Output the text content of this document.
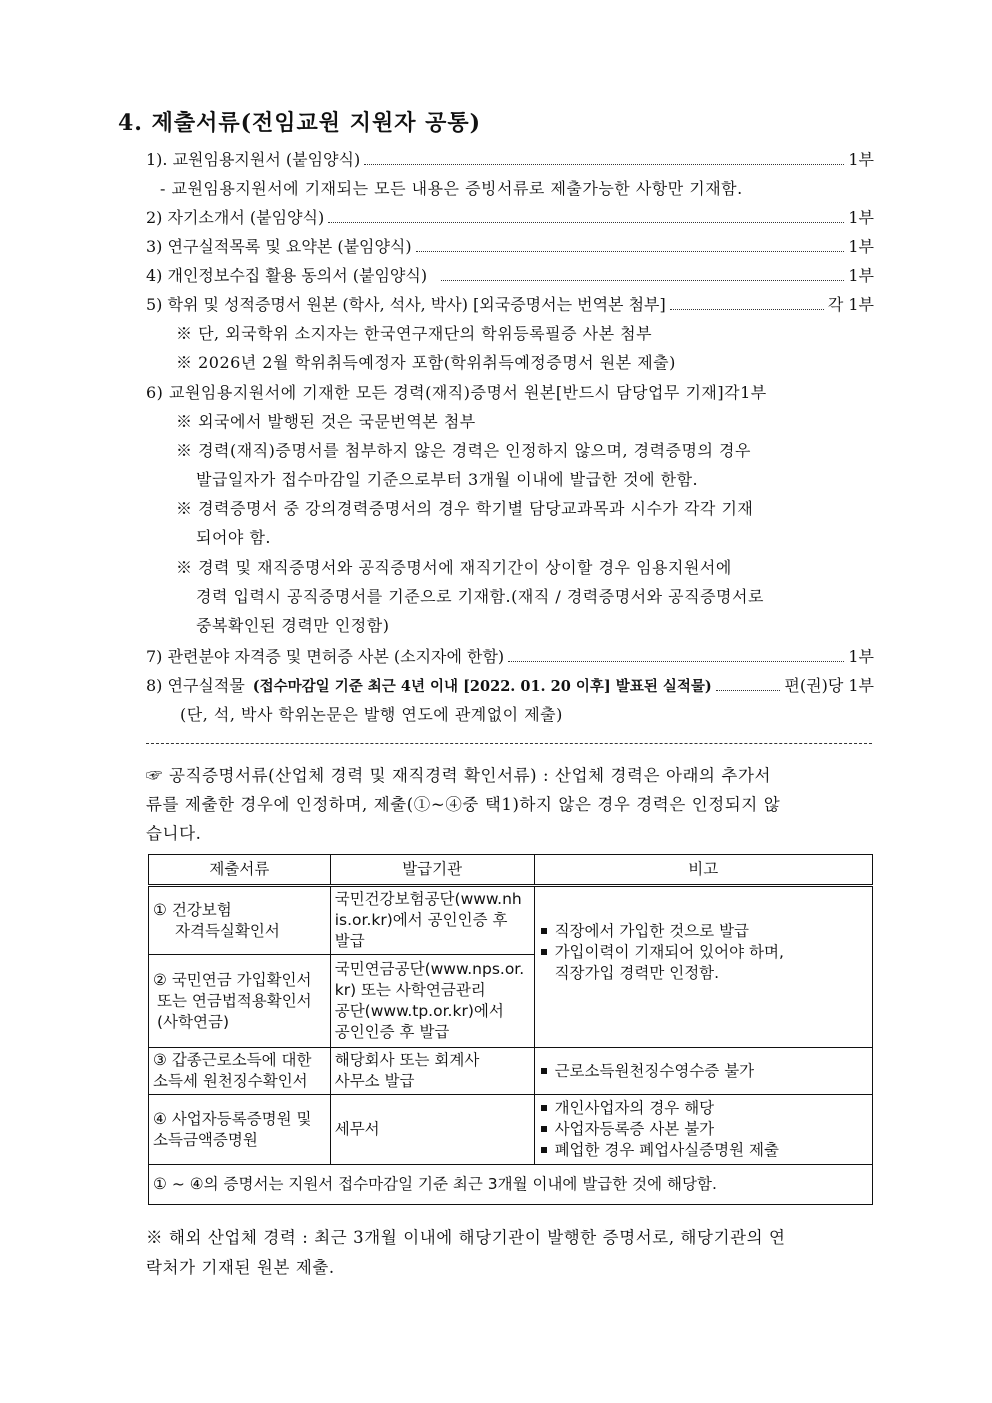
4. 제출서류(전임교원 지원자 공통)
1). 교원임용지원서 (붙임양식)	1부
- 교원임용지원서에 기재되는 모든 내용은 증빙서류로 제출가능한 사항만 기재함.
2) 자기소개서 (붙임양식)	1부
3) 연구실적목록 및 요약본 (붙임양식)	1부
4) 개인정보수집 활용 동의서 (붙임양식)	1부
5) 학위 및 성적증명서 원본 (학사, 석사, 박사) [외국증명서는 번역본 첨부]	각 1부
※ 단, 외국학위 소지자는 한국연구재단의 학위등록필증 사본 첨부
※ 2026년 2월 학위취득예정자 포함(학위취득예정증명서 원본 제출)
6) 교원임용지원서에 기재한 모든 경력(재직)증명서 원본[반드시 담당업무 기재]각1부
※ 외국에서 발행된 것은 국문번역본 첨부
※ 경력(재직)증명서를 첨부하지 않은 경력은 인정하지 않으며, 경력증명의 경우
발급일자가 접수마감일 기준으로부터 3개월 이내에 발급한 것에 한함.
※ 경력증명서 중 강의경력증명서의 경우 학기별 담당교과목과 시수가 각각 기재
되어야 함.
※ 경력 및 재직증명서와 공직증명서에 재직기간이 상이할 경우 임용지원서에
경력 입력시 공직증명서를 기준으로 기재함.(재직 / 경력증명서와 공직증명서로
중복확인된 경력만 인정함)
7) 관련분야 자격증 및 면허증 사본 (소지자에 한함)	1부
8) 연구실적물 (접수마감일 기준 최근 4년 이내 [2022. 01. 20 이후] 발표된 실적물)	편(권)당 1부
(단, 석, 박사 학위논문은 발행 연도에 관계없이 제출)
☞ 공직증명서류(산업체 경력 및 재직경력 확인서류) : 산업체 경력은 아래의 추가서
류를 제출한 경우에 인정하며, 제출(①~④중 택1)하지 않은 경우 경력은 인정되지 않
습니다.
제출서류	발급기관	비고

① 건강보험
자격득실확인서	국민건강보험공단(www.nh
is.or.kr)에서 공인인증 후
발급	직장에서 가입한 것으로 발급
가입이력이 기재되어 있어야 하며,
직장가입 경력만 인정함.

② 국민연금 가입확인서
또는 연금법적용확인서
(사학연금)	국민연금공단(www.nps.or.
kr) 또는 사학연금관리
공단(www.tp.or.kr)에서
공인인증 후 발급	

③ 갑종근로소득에 대한
소득세 원천징수확인서	해당회사 또는 회계사
사무소 발급	근로소득원천징수영수증 불가

④ 사업자등록증명원 및
소득금액증명원	세무서	개인사업자의 경우 해당
사업자등록증 사본 불가
폐업한 경우 폐업사실증명원 제출

① ~ ④의 증명서는 지원서 접수마감일 기준 최근 3개월 이내에 발급한 것에 해당함.		
※ 해외 산업체 경력 : 최근 3개월 이내에 해당기관이 발행한 증명서로, 해당기관의 연
락처가 기재된 원본 제출.
